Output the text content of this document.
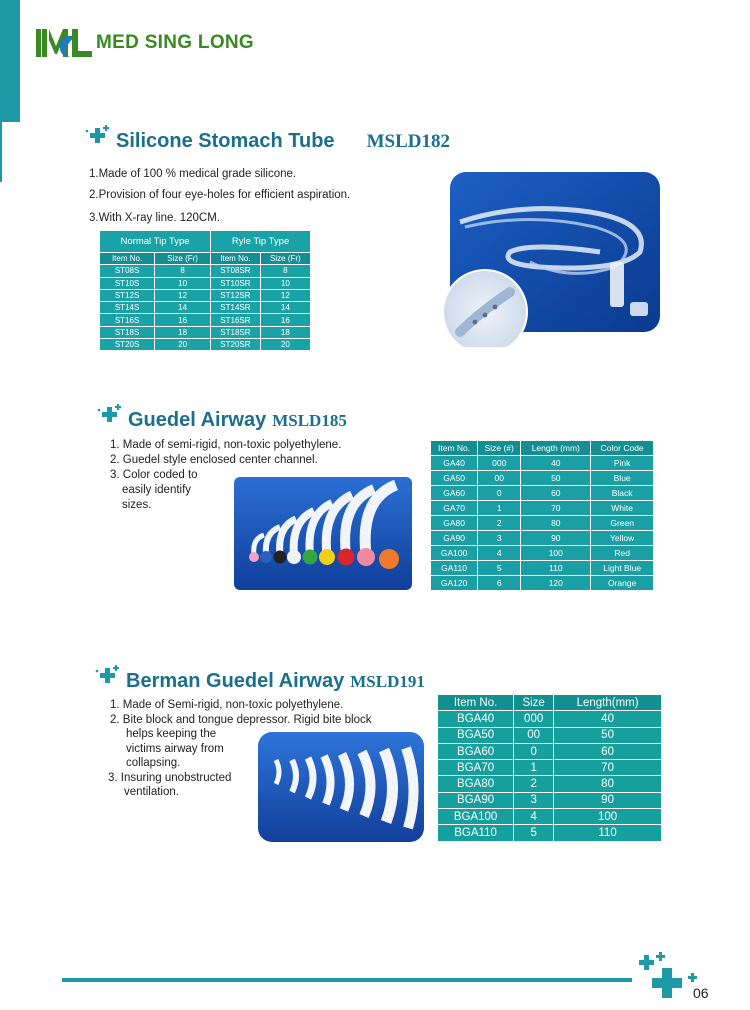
MED SING LONG
Silicone Stomach Tube MSLD182
1.Made of 100 % medical grade silicone.
2.Provision of four eye-holes for efficient aspiration.
3.With X-ray line. 120CM.
Normal Tip Type		Ryle Tip Type	
Item No.	Size (Fr)	Item No.	Size (Fr)
ST08S	8	ST08SR	8
ST10S	10	ST10SR	10
ST12S	12	ST12SR	12
ST14S	14	ST14SR	14
ST16S	16	ST16SR	16
ST18S	18	ST18SR	18
ST20S	20	ST20SR	20
Guedel Airway MSLD185
1. Made of semi-rigid, non-toxic polyethylene.
2. Guedel style enclosed center channel.
3. Color coded to
easily identify
sizes.
Item No.	Size (#)	Length (mm)	Color Code
GA40	000	40	Pink
GA50	00	50	Blue
GA60	0	60	Black
GA70	1	70	White
GA80	2	80	Green
GA90	3	90	Yellow
GA100	4	100	Red
GA110	5	110	Light Blue
GA120	6	120	Orange
Berman Guedel Airway MSLD191
1. Made of Semi-rigid, non-toxic polyethylene.
2. Bite block and tongue depressor. Rigid bite block
helps keeping the
victims airway from
collapsing.
3. Insuring unobstructed
ventilation.
Item No.	Size	Length(mm)
BGA40	000	40
BGA50	00	50
BGA60	0	60
BGA70	1	70
BGA80	2	80
BGA90	3	90
BGA100	4	100
BGA110	5	110
06
